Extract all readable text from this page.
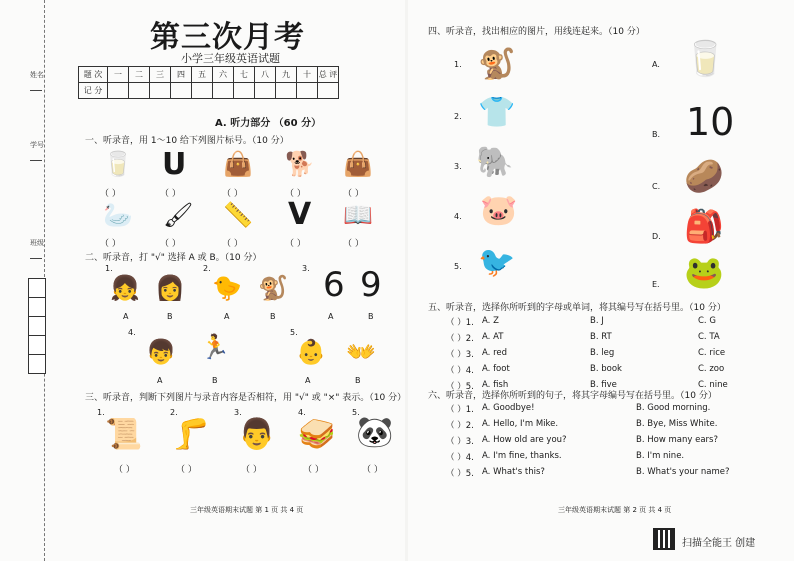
姓名
学号
班级
第三次月考
小学三年级英语试题
题 次	一	二	三	四	五	六	七	八	九	十	总 评
记 分											
A. 听力部分 （60 分）
一、听录音，用 1～10 给下列图片标号。（10 分）
🥛 U 👜 🐕 👜
（ ）	（ ）	（ ）	（ ）	（ ）
🦢 🖌 📏 V 📖
（ ）	（ ）	（ ）	（ ）	（ ）
二、听录音，打 "√" 选择 A 或 B。（10 分）
1.
👧 👩
2.
🐤 🐒
3. 6 9
A	B	A	B	A	B
4.
👦 🏃
5.
👶 👐
A	B	A	B
三、听录音，判断下列图片与录音内容是否相符，用 "√" 或 "×" 表示。（10 分）
1.
📜
2.
🦵
3.
👨
4.
🥪
5.
🐼
（ ）	（ ）	（ ）	（ ）	（ ）
三年级英语期末试题 第 1 页 共 4 页
四、听录音，找出相应的图片，用线连起来。（10 分）
1. 🐒
2. 👕
3. 🐘
4. 🐷
5. 🐦
A. 🥛
B. 10
C. 🥔
D. 🎒
E. 🐸
五、听录音，选择你所听到的字母或单词，将其编号写在括号里。（10 分）
（ ）1. A. Z	B. J	C. G
（ ）2. A. AT	B. RT	C. TA
（ ）3. A. red	B. leg	C. rice
（ ）4. A. foot	B. book	C. zoo
（ ）5. A. fish	B. five	C. nine
六、听录音，选择你所听到的句子，将其字母编号写在括号里。（10 分）
（ ）1. A. Goodbye!	B. Good morning.
（ ）2. A. Hello, I'm Mike.	B. Bye, Miss White.
（ ）3. A. How old are you?	B. How many ears?
（ ）4. A. I'm fine, thanks.	B. I'm nine.
（ ）5. A. What's this?	B. What's your name?
三年级英语期末试题 第 2 页 共 4 页
扫描全能王 创建
